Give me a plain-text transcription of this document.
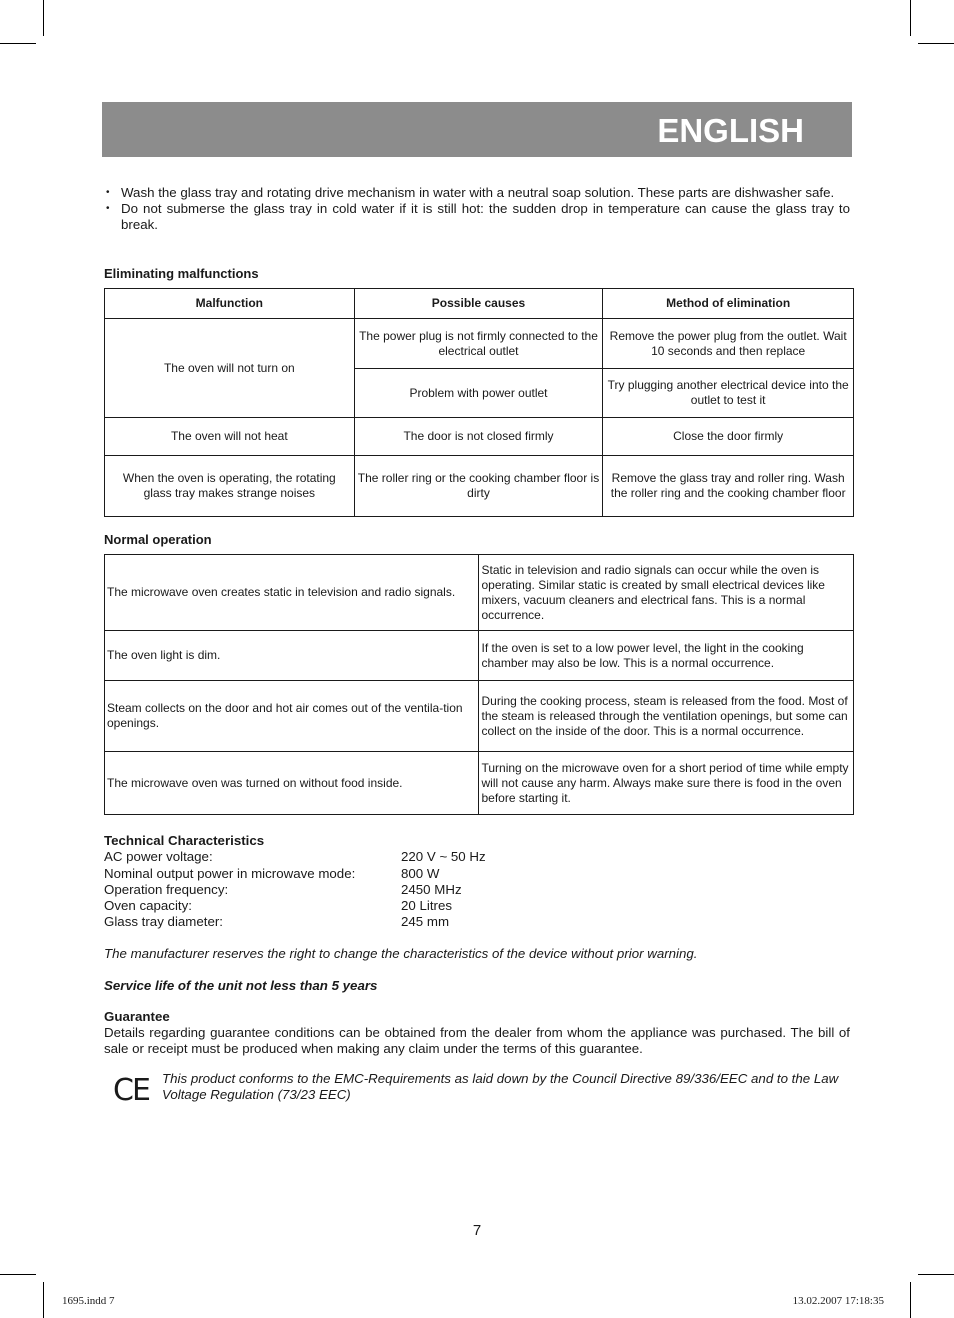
ENGLISH
• Wash the glass tray and rotating drive mechanism in water with a neutral soap solution. These parts are dishwasher safe.
• Do not submerse the glass tray in cold water if it is still hot: the sudden drop in temperature can cause the glass tray to break.
Eliminating malfunctions
Malfunction	Possible causes	Method of elimination
The oven will not turn on	The power plug is not firmly connected to the electrical outlet	Remove the power plug from the outlet. Wait 10 seconds and then replace
	Problem with power outlet	Try plugging another electrical device into the outlet to test it
The oven will not heat	The door is not closed firmly	Close the door firmly
When the oven is operating, the rotating glass tray makes strange noises	The roller ring or the cooking chamber floor is dirty	Remove the glass tray and roller ring. Wash the roller ring and the cooking chamber floor
Normal operation
The microwave oven creates static in television and radio signals.	Static in television and radio signals can occur while the oven is operating. Similar static is created by small electrical devices like mixers, vacuum cleaners and electrical fans. This is a normal occurrence.
The oven light is dim.	If the oven is set to a low power level, the light in the cooking chamber may also be low. This is a normal occurrence.
Steam collects on the door and hot air comes out of the ventila-tion openings.	During the cooking process, steam is released from the food. Most of the steam is released through the ventilation openings, but some can collect on the inside of the door. This is a normal occurrence.
The microwave oven was turned on without food inside.	Turning on the microwave oven for a short period of time while empty will not cause any harm. Always make sure there is food in the oven before starting it.
Technical Characteristics
AC power voltage:	220 V ~ 50 Hz
Nominal output power in microwave mode:	800 W
Operation frequency:	2450 MHz
Oven capacity:	20 Litres
Glass tray diameter:	245 mm
The manufacturer reserves the right to change the characteristics of the device without prior warning.
Service life of the unit not less than 5 years
Guarantee
Details regarding guarantee conditions can be obtained from the dealer from whom the appliance was purchased. The bill of sale or receipt must be produced when making any claim under the terms of this guarantee.
CE This product conforms to the EMC-Requirements as laid down by the Council Directive 89/336/EEC and to the Law Voltage Regulation (73/23 EEC)
7
1695.indd 7	13.02.2007 17:18:35
